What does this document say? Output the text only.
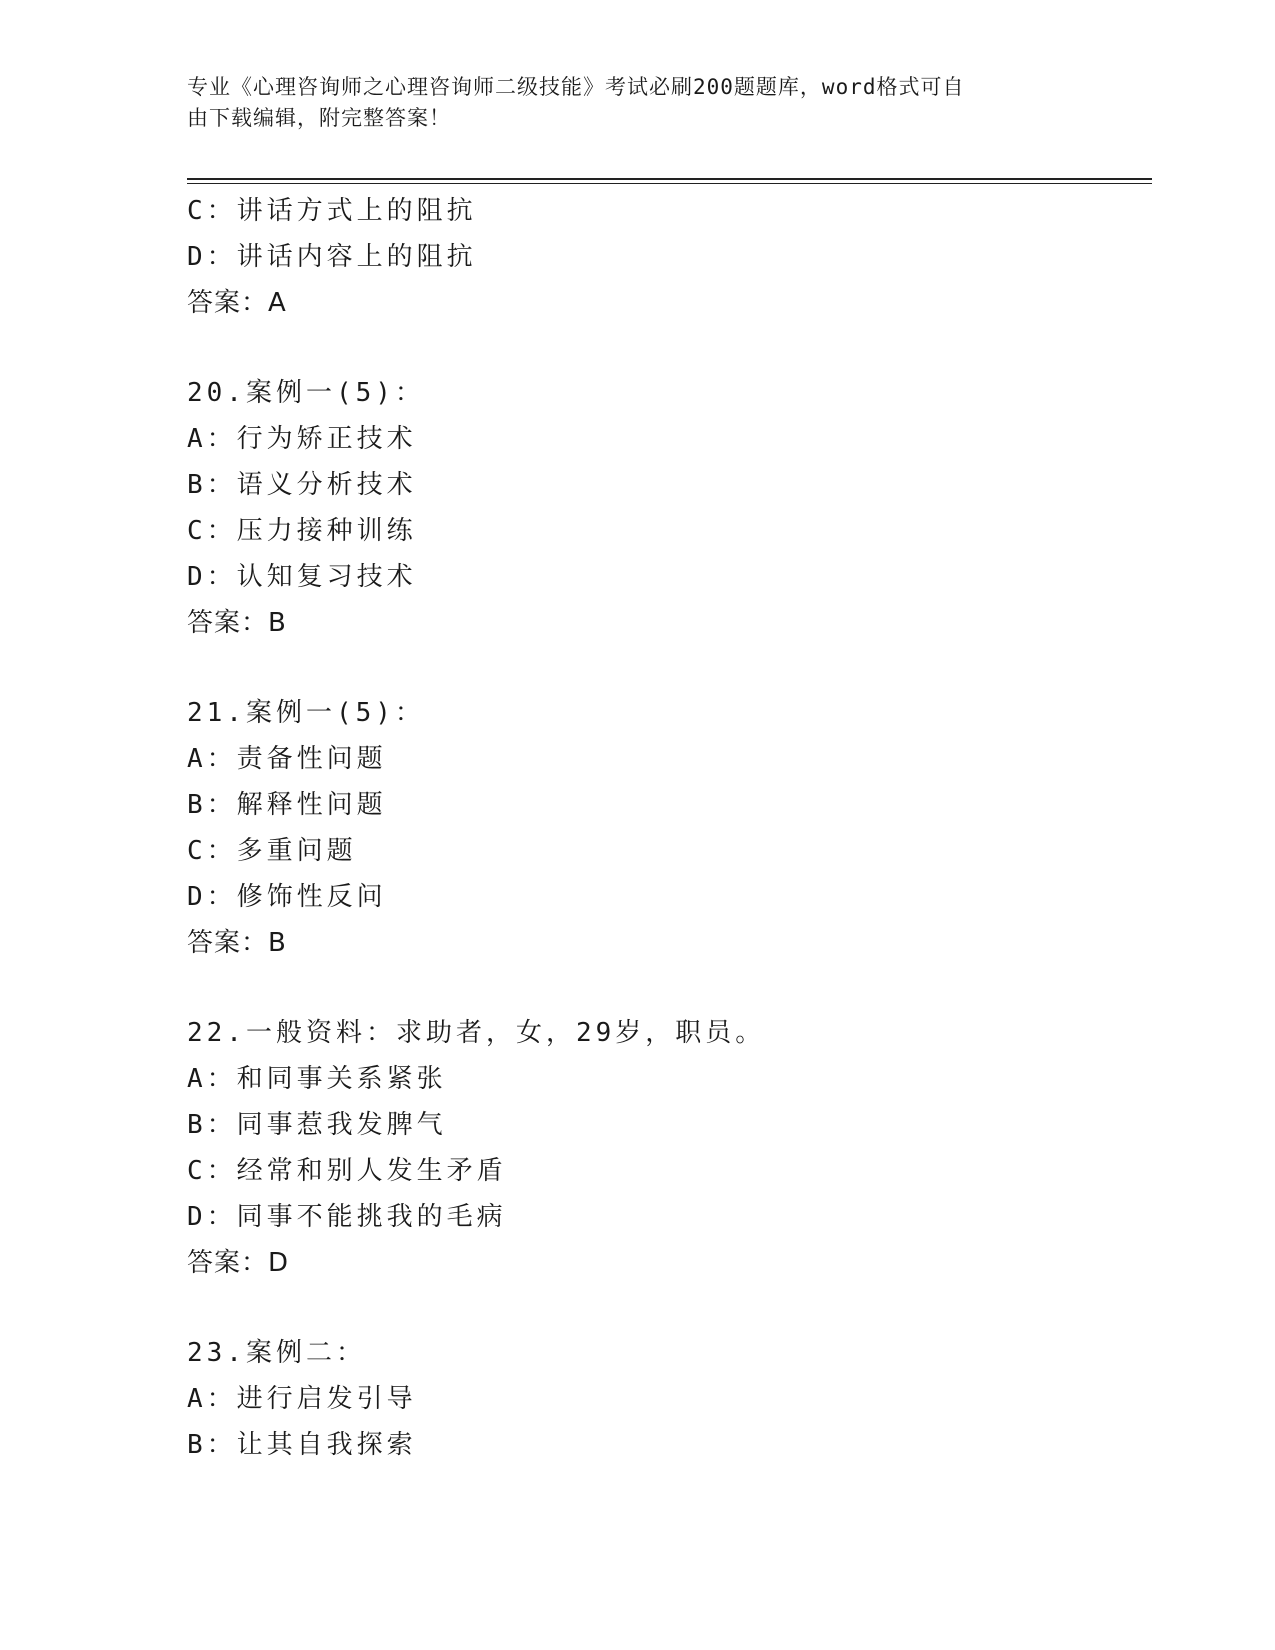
专业《心理咨询师之心理咨询师二级技能》考试必刷200题题库，word格式可自
由下载编辑，附完整答案！
C：讲话方式上的阻抗
D：讲话内容上的阻抗
答案：A
20.案例一(5)：
A：行为矫正技术
B：语义分析技术
C：压力接种训练
D：认知复习技术
答案：B
21.案例一(5)：
A：责备性问题
B：解释性问题
C：多重问题
D：修饰性反问
答案：B
22.一般资料：求助者，女，29岁，职员。
A：和同事关系紧张
B：同事惹我发脾气
C：经常和别人发生矛盾
D：同事不能挑我的毛病
答案：D
23.案例二：
A：进行启发引导
B：让其自我探索
